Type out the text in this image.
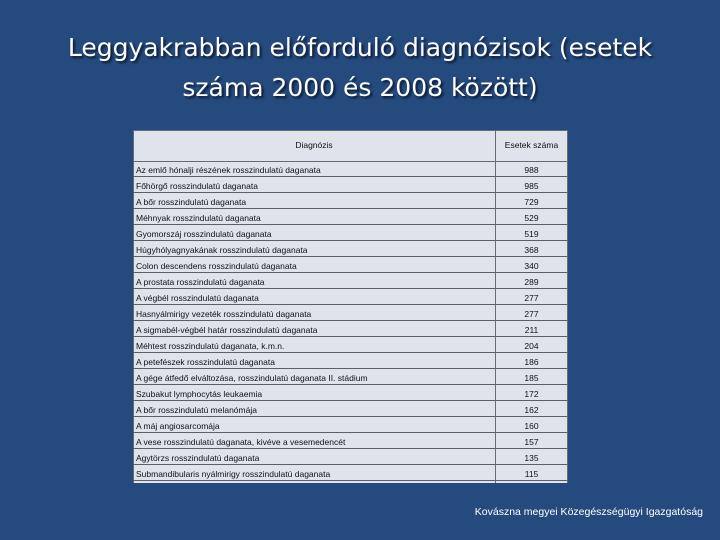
Leggyakrabban előforduló diagnózisok (esetek
száma 2000 és 2008 között)
Diagnózis	Esetek száma
Az emlő hónalji részének rosszindulatú daganata	988
Főhörgő rosszindulatú daganata	985
A bőr rosszindulatú daganata	729
Méhnyak rosszindulatú daganata	529
Gyomorszáj rosszindulatú daganata	519
Húgyhólyagnyakának rosszindulatú daganata	368
Colon descendens rosszindulatú daganata	340
A prostata rosszindulatú daganata	289
A végbél rosszindulatú daganata	277
Hasnyálmirigy vezeték rosszindulatú daganata	277
A sigmabél-végbél határ rosszindulatú daganata	211
Méhtest rosszindulatú daganata, k.m.n.	204
A petefészek rosszindulatú daganata	186
A gége átfedő elváltozása, rosszindulatú daganata II. stádium	185
Szubakut lymphocytás leukaemia	172
A bőr rosszindulatú melanómája	162
A máj angiosarcomája	160
A vese rosszindulatú daganata, kivéve a vesemedencét	157
Agytörzs rosszindulatú daganata	135
Submandibularis nyálmirigy rosszindulatú daganata	115
Kovászna megyei Közegészségügyi Igazgatóság
